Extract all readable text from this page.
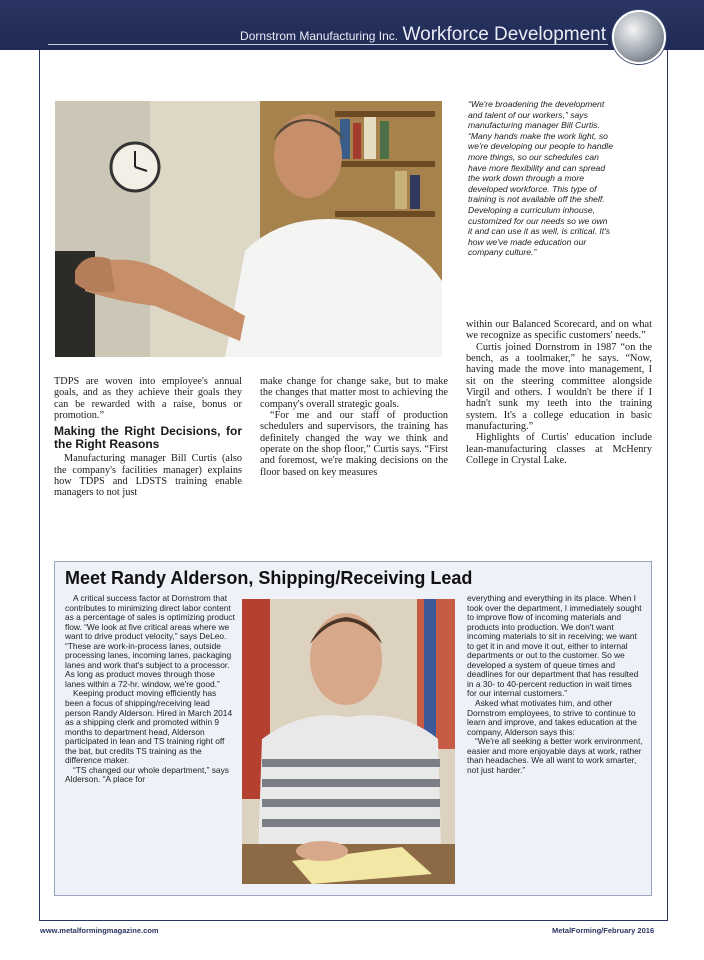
Dornstrom Manufacturing Inc. Workforce Development
“We're broadening the development and talent of our workers,” says manufacturing manager Bill Curtis. “Many hands make the work light, so we're developing our people to handle more things, so our schedules can have more flexibility and can spread the work down through a more developed workforce. This type of training is not available off the shelf. Developing a curriculum inhouse, customized for our needs so we own it and can use it as well, is critical. It's how we've made education our company culture.”

TDPS are woven into employee's annual goals, and as they achieve their goals they can be rewarded with a raise, bonus or promotion.”

Making the Right Decisions, for the Right Reasons

Manufacturing manager Bill Curtis (also the company's facilities manager) explains how TDPS and LDSTS training enable managers to not just

make change for change sake, but to make the changes that matter most to achieving the company's overall strategic goals.

“For me and our staff of production schedulers and supervisors, the training has definitely changed the way we think and operate on the shop floor,” Curtis says. “First and foremost, we're making decisions on the floor based on key measures

within our Balanced Scorecard, and on what we recognize as specific customers' needs.”

Curtis joined Dornstrom in 1987 “on the bench, as a toolmaker,” he says. “Now, having made the move into management, I sit on the steering committee alongside Virgil and others. I wouldn't be there if I hadn't sunk my teeth into the training system. It's a college education in basic manufacturing.”

Highlights of Curtis' education include lean-manufacturing classes at McHenry College in Crystal Lake.

Meet Randy Alderson, Shipping/Receiving Lead

A critical success factor at Dornstrom that contributes to minimizing direct labor content as a percentage of sales is optimizing product flow. “We look at five critical areas where we want to drive product velocity,” says DeLeo. “These are work-in-process lanes, outside processing lanes, incoming lanes, packaging lanes and work that's subject to a processor. As long as product moves through those lanes within a 72-hr. window, we're good.”

Keeping product moving efficiently has been a focus of shipping/receiving lead person Randy Alderson. Hired in March 2014 as a shipping clerk and promoted within 9 months to department head, Alderson participated in lean and TS training right off the bat, but credits TS training as the difference maker.

“TS changed our whole department,” says Alderson. “A place for

everything and everything in its place. When I took over the department, I immediately sought to improve flow of incoming materials and products into production. We don't want incoming materials to sit in receiving; we want to get it in and move it out, either to internal departments or out to the customer. So we developed a system of queue times and deadlines for our department that has resulted in a 30- to 40-percent reduction in wait times for our internal customers.”

Asked what motivates him, and other Dornstrom employees, to strive to continue to learn and improve, and takes education at the company, Alderson says this:

“We're all seeking a better work environment, easier and more enjoyable days at work, rather than headaches. We all want to work smarter, not just harder.”

www.metalformingmagazine.com	MetalForming/February 2016
